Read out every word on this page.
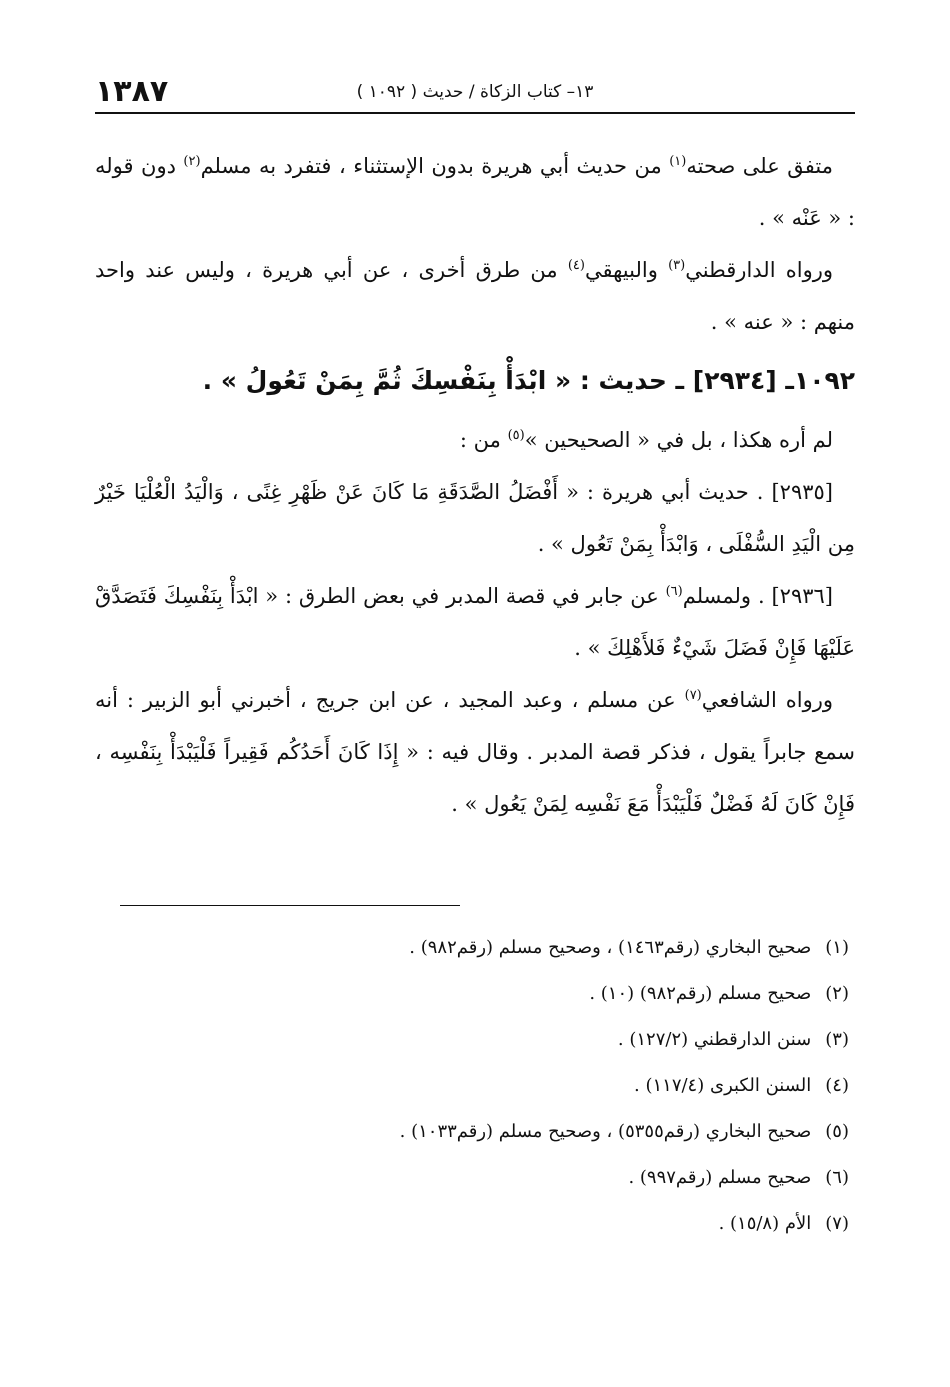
١٣٨٧	١٣– كتاب الزكاة / حديث ( ١٠٩٢ )

متفق على صحته$^{(١)}$ من حديث أبي هريرة بدون الإستثناء ، فتفرد به مسلم$^{(٢)}$ دون قوله : « عَنْه » .

ورواه الدارقطني$^{(٣)}$ والبيهقي$^{(٤)}$ من طرق أخرى ، عن أبي هريرة ، وليس عند واحد منهم : « عنه » .

١٠٩٢ـ [٢٩٣٤] ـ حديث : « ابْدَأْ بِنَفْسِكَ ثُمَّ بِمَنْ تَعُولُ » .

لم أره هكذا ، بل في « الصحيحين »$^{(٥)}$ من :

[٢٩٣٥] . حديث أبي هريرة : « أَفْضَلُ الصَّدَقَةِ مَا كَانَ عَنْ ظَهْرِ غِنًى ، وَالْيَدُ الْعُلْيَا خَيْرٌ مِن الْيَدِ السُّفْلَى ، وَابْدَأْ بِمَنْ تَعُول » .

[٢٩٣٦] . ولمسلم$^{(٦)}$ عن جابر في قصة المدبر في بعض الطرق : « ابْدَأْ بِنَفْسِكَ فَتَصَدَّقْ عَلَيْهَا فَإِنْ فَضَلَ شَيْءٌ فَلأَهْلِكَ » .

ورواه الشافعي$^{(٧)}$ عن مسلم ، وعبد المجيد ، عن ابن جريج ، أخبرني أبو الزبير : أنه سمع جابراً يقول ، فذكر قصة المدبر . وقال فيه : « إِذَا كَانَ أَحَدُكُم فَقِيراً فَلْيَبْدَأْ بِنَفْسِه ، فَإِنْ كَانَ لَهُ فَضْلٌ فَلْيَبْدَأْ مَعَ نَفْسِه لِمَنْ يَعُول » .

(١)صحيح البخاري (رقم١٤٦٣) ، وصحيح مسلم (رقم٩٨٢) .
(٢)صحيح مسلم (رقم٩٨٢) (١٠) .
(٣)سنن الدارقطني (١٢٧/٢) .
(٤)السنن الكبرى (١١٧/٤) .
(٥)صحيح البخاري (رقم٥٣٥٥) ، وصحيح مسلم (رقم١٠٣٣) .
(٦)صحيح مسلم (رقم٩٩٧) .
(٧)الأم (١٥/٨) .
